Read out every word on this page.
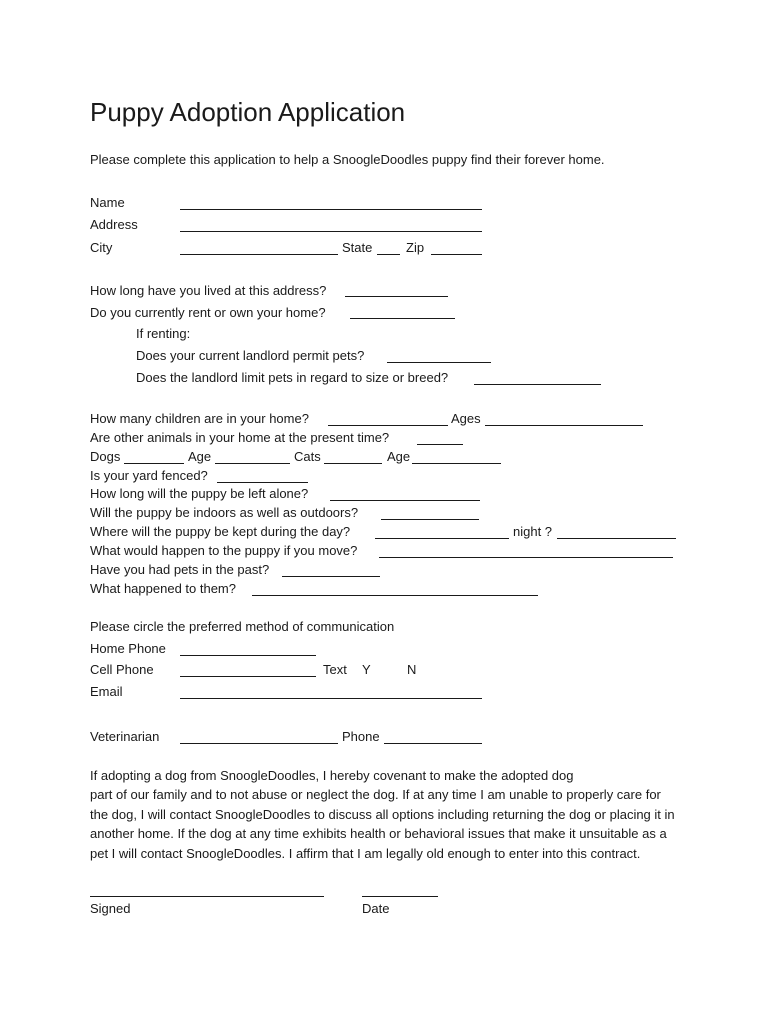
Puppy Adoption Application
Please complete this application to help a SnoogleDoodles puppy find their forever home.
Name
Address
City	State	Zip
How long have you lived at this address?
Do you currently rent or own your home?
If renting:
Does your current landlord permit pets?
Does the landlord limit pets in regard to size or breed?
How many children are in your home?	Ages
Are other animals in your home at the present time?
Dogs	Age	Cats	Age
Is your yard fenced?
How long will the puppy be left alone?
Will the puppy be indoors as well as outdoors?
Where will the puppy be kept during the day?	night ?
What would happen to the puppy if you move?
Have you had pets in the past?
What happened to them?
Please circle the preferred method of communication
Home Phone
Cell Phone	Text Y	N
Email
Veterinarian	Phone
If adopting a dog from SnoogleDoodles, I hereby covenant to make the adopted dog
part of our family and to not abuse or neglect the dog. If at any time I am unable to properly care for
the dog, I will contact SnoogleDoodles to discuss all options including returning the dog or placing it in
another home. If the dog at any time exhibits health or behavioral issues that make it unsuitable as a
pet I will contact SnoogleDoodles. I affirm that I am legally old enough to enter into this contract.
Signed	Date
